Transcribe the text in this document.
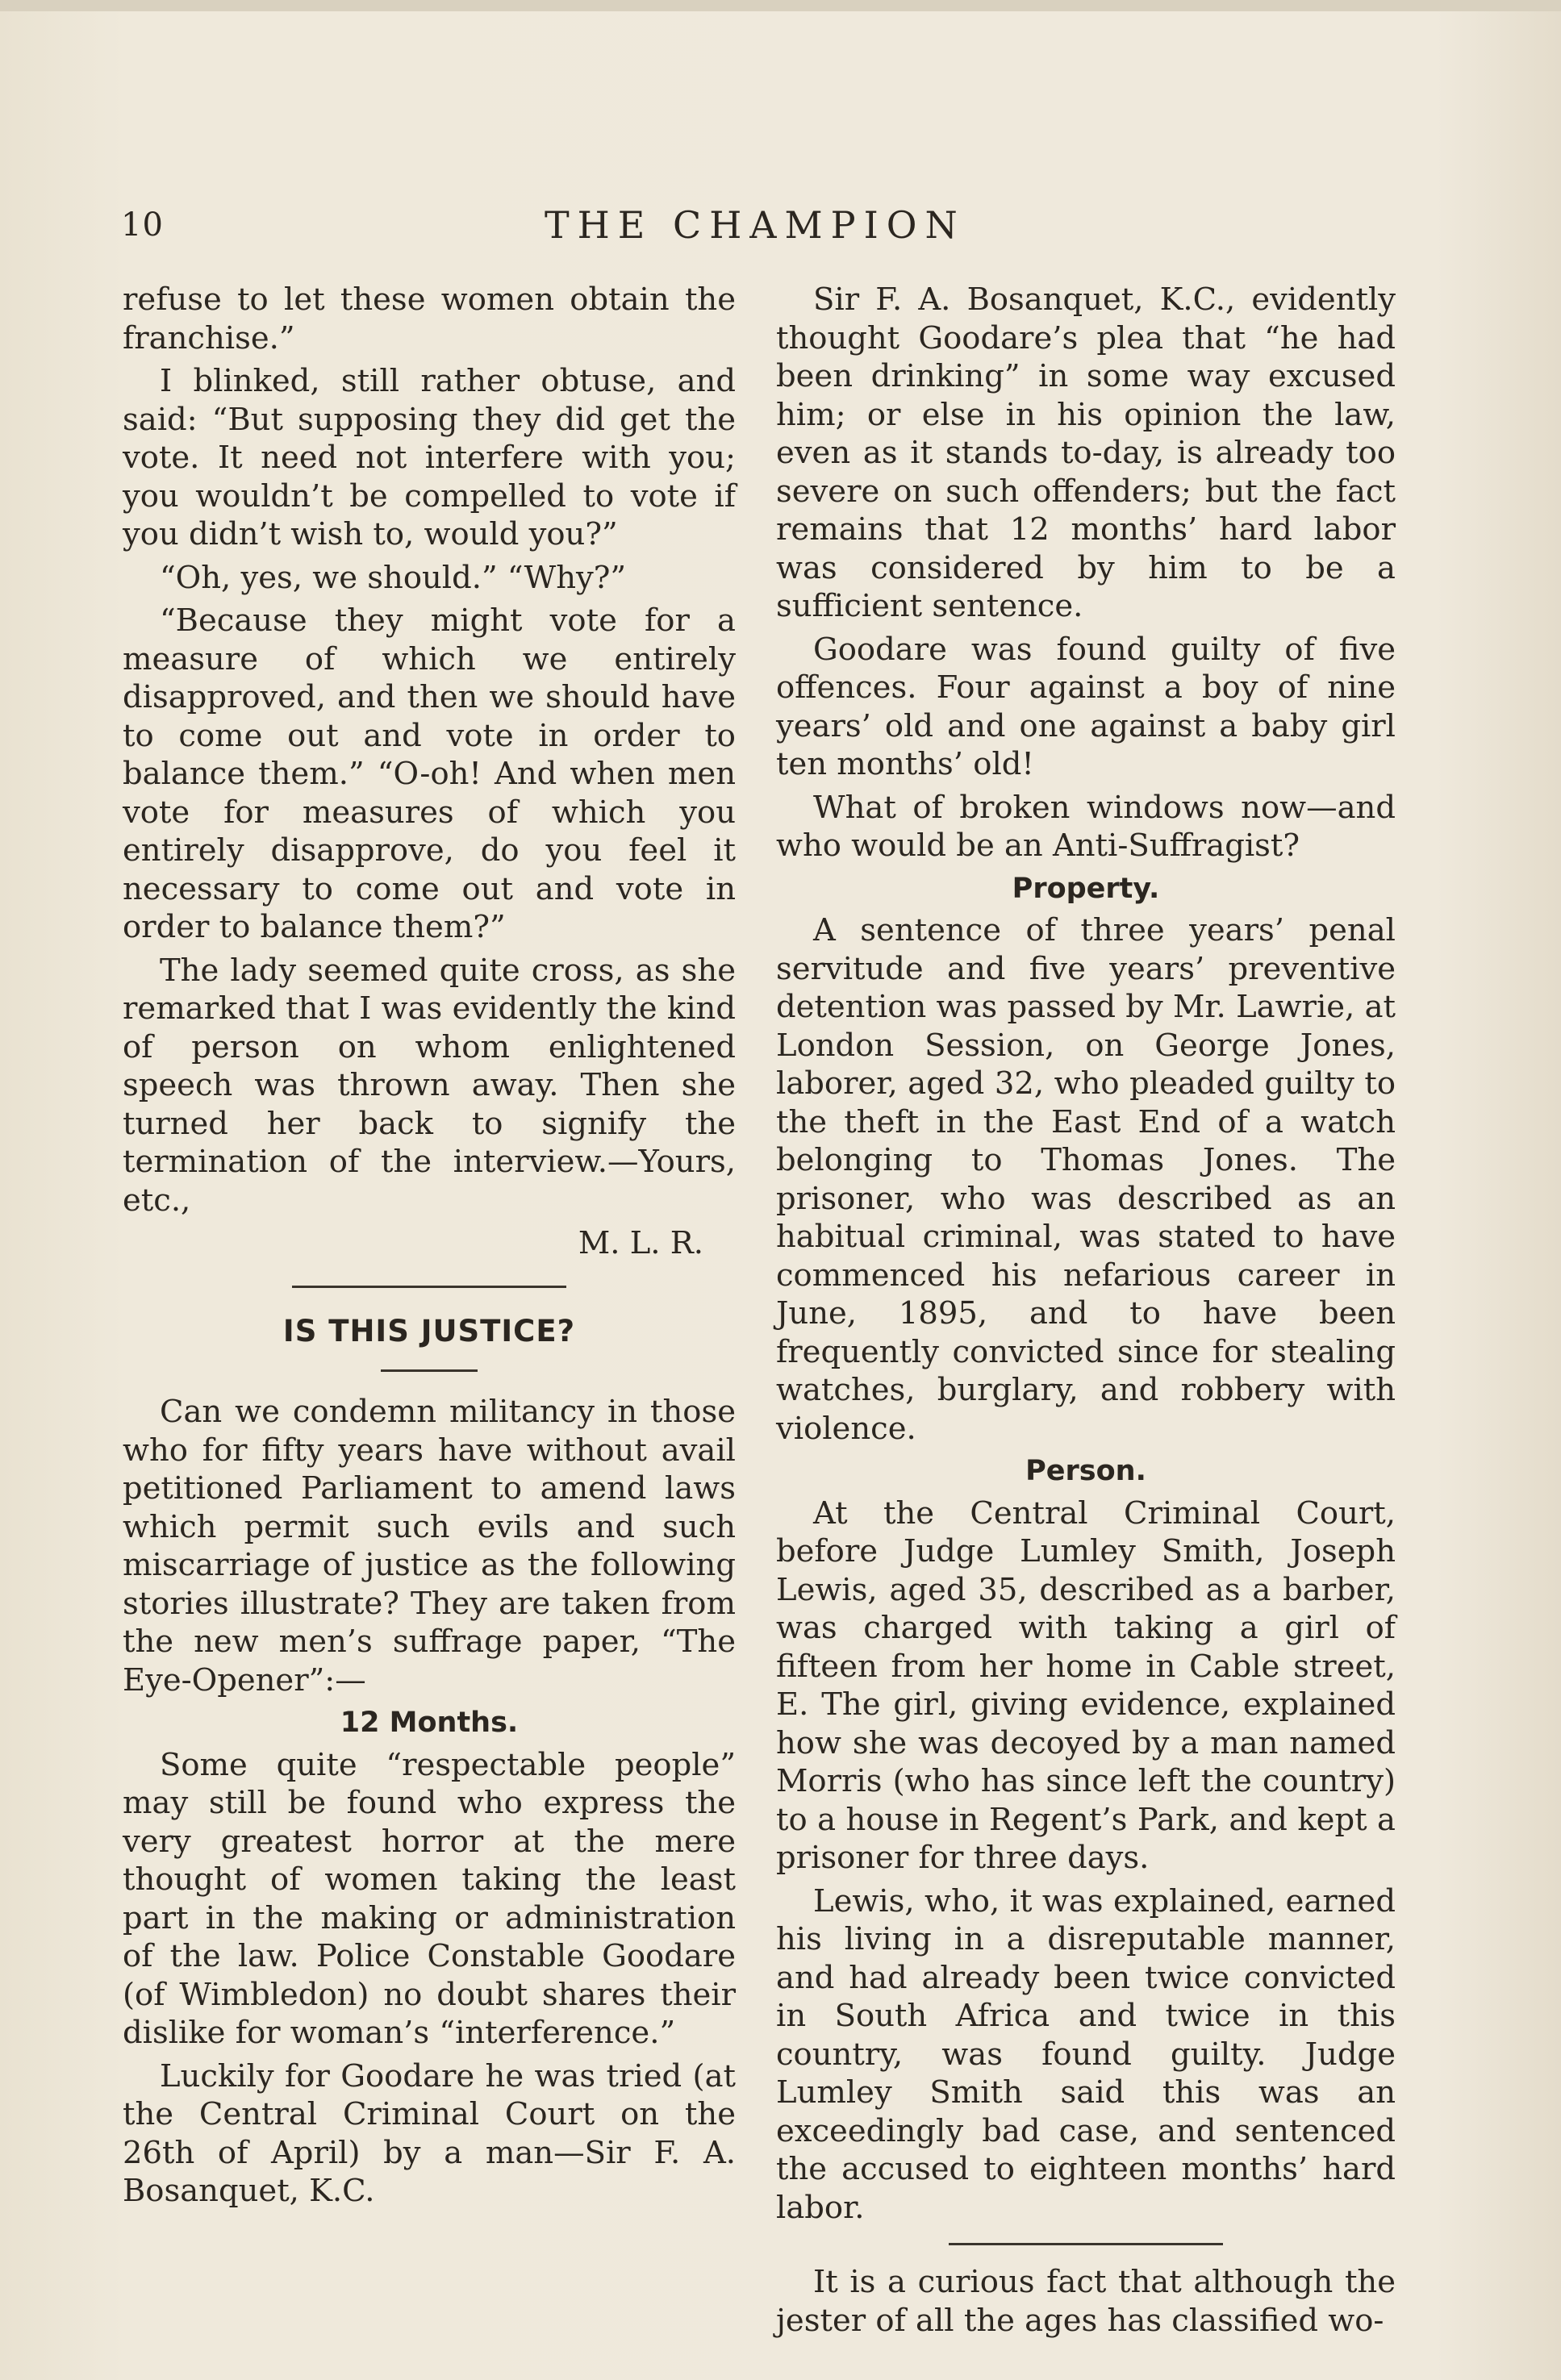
10	THE CHAMPION

refuse to let these women obtain the franchise.”

I blinked, still rather obtuse, and said: “But supposing they did get the vote. It need not interfere with you; you wouldn’t be compelled to vote if you didn’t wish to, would you?”

“Oh, yes, we should.” “Why?”

“Because they might vote for a measure of which we entirely disapproved, and then we should have to come out and vote in order to balance them.” “O-oh! And when men vote for measures of which you entirely disapprove, do you feel it necessary to come out and vote in order to balance them?”

The lady seemed quite cross, as she remarked that I was evidently the kind of person on whom enlightened speech was thrown away. Then she turned her back to signify the termination of the interview.—Yours, etc.,

M. L. R.

IS THIS JUSTICE?

Can we condemn militancy in those who for fifty years have without avail petitioned Parliament to amend laws which permit such evils and such miscarriage of justice as the following stories illustrate? They are taken from the new men’s suffrage paper, “The Eye-Opener”:—

12 Months.

Some quite “respectable people” may still be found who express the very greatest horror at the mere thought of women taking the least part in the making or administration of the law. Police Constable Goodare (of Wimbledon) no doubt shares their dislike for woman’s “interference.”

Luckily for Goodare he was tried (at the Central Criminal Court on the 26th of April) by a man—Sir F. A. Bosanquet, K.C.

Sir F. A. Bosanquet, K.C., evidently thought Goodare’s plea that “he had been drinking” in some way excused him; or else in his opinion the law, even as it stands to-day, is already too severe on such offenders; but the fact remains that 12 months’ hard labor was considered by him to be a sufficient sentence.

Goodare was found guilty of five offences. Four against a boy of nine years’ old and one against a baby girl ten months’ old!

What of broken windows now—and who would be an Anti-Suffragist?

Property.

A sentence of three years’ penal servitude and five years’ preventive detention was passed by Mr. Lawrie, at London Session, on George Jones, laborer, aged 32, who pleaded guilty to the theft in the East End of a watch belonging to Thomas Jones. The prisoner, who was described as an habitual criminal, was stated to have commenced his nefarious career in June, 1895, and to have been frequently convicted since for stealing watches, burglary, and robbery with violence.

Person.

At the Central Criminal Court, before Judge Lumley Smith, Joseph Lewis, aged 35, described as a barber, was charged with taking a girl of fifteen from her home in Cable street, E. The girl, giving evidence, explained how she was decoyed by a man named Morris (who has since left the country) to a house in Regent’s Park, and kept a prisoner for three days.

Lewis, who, it was explained, earned his living in a disreputable manner, and had already been twice convicted in South Africa and twice in this country, was found guilty. Judge Lumley Smith said this was an exceedingly bad case, and sentenced the accused to eighteen months’ hard labor.

It is a curious fact that although the jester of all the ages has classified wo-
